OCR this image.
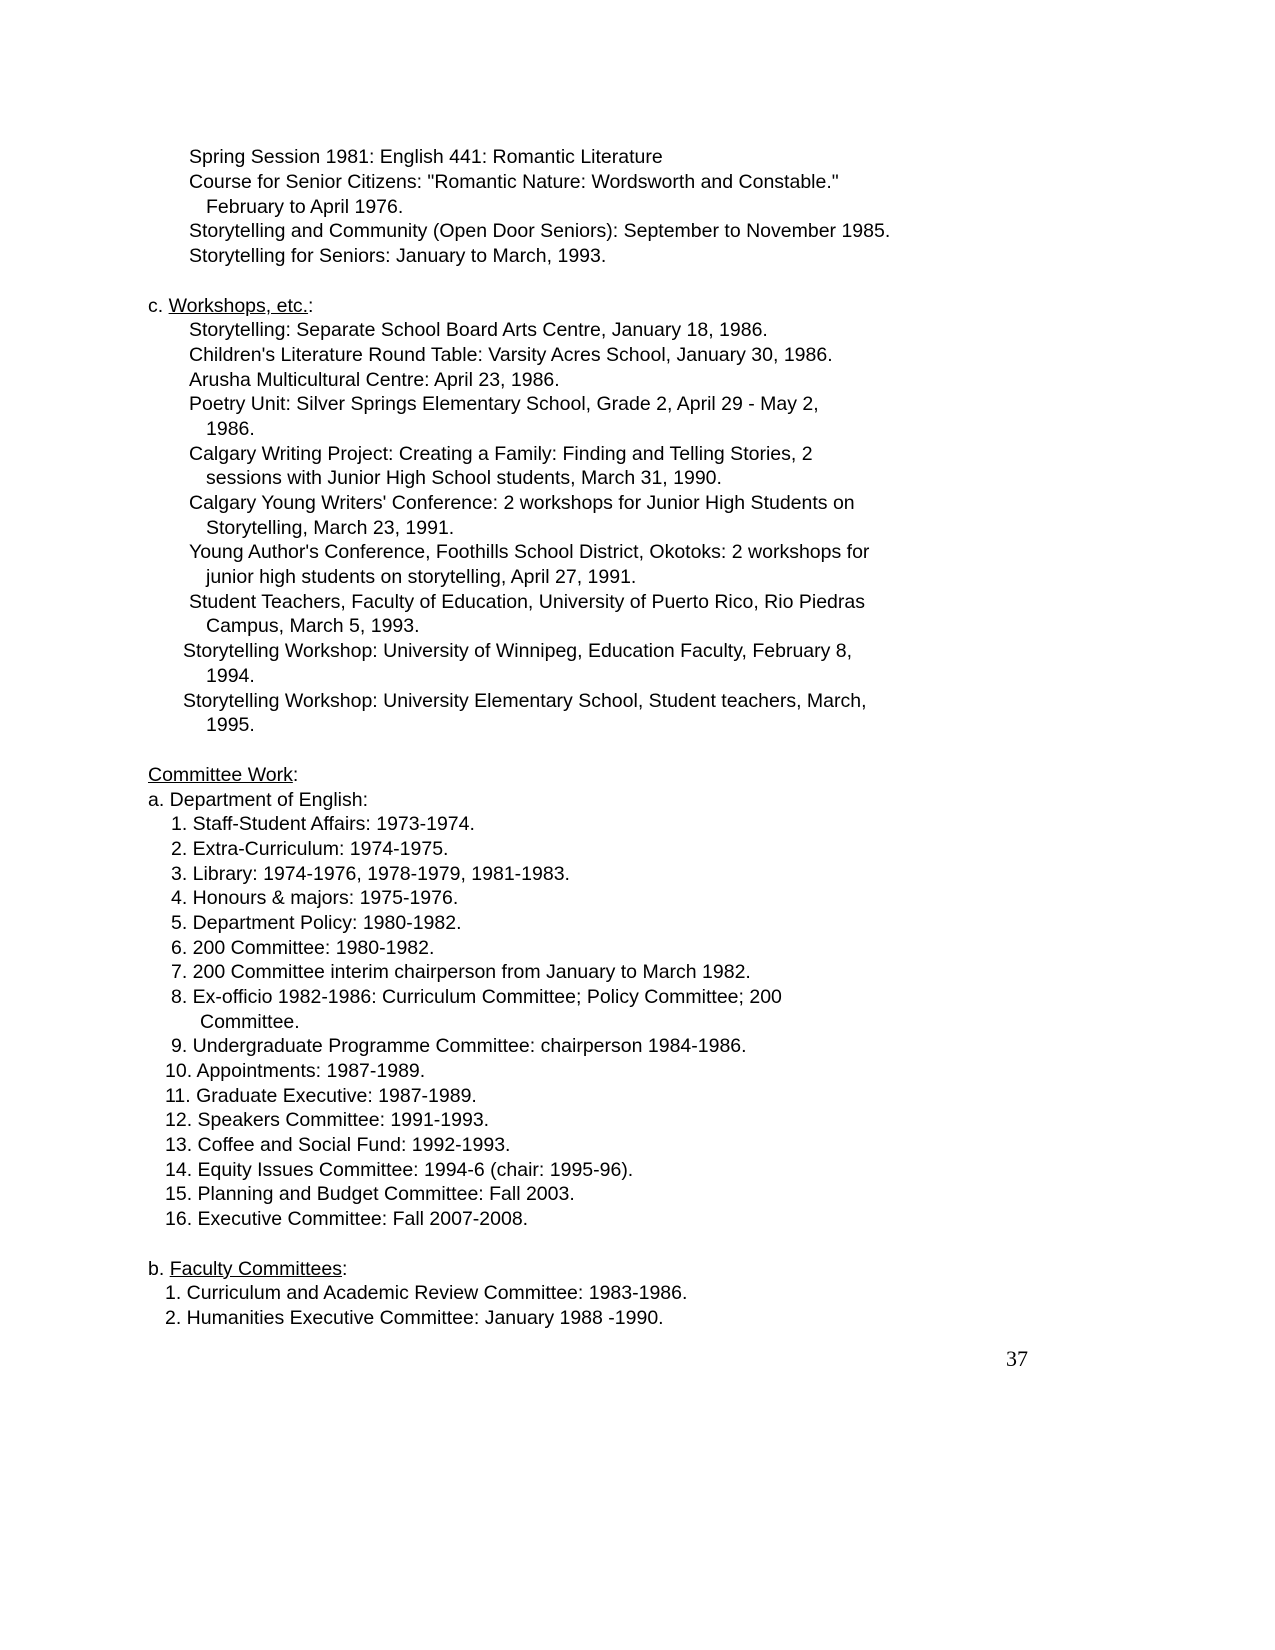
Spring Session 1981: English 441: Romantic Literature
Course for Senior Citizens: "Romantic Nature: Wordsworth and Constable."
February to April 1976.
Storytelling and Community (Open Door Seniors): September to November 1985.
Storytelling for Seniors: January to March, 1993.
c. Workshops, etc.:
Storytelling: Separate School Board Arts Centre, January 18, 1986.
Children's Literature Round Table: Varsity Acres School, January 30, 1986.
Arusha Multicultural Centre: April 23, 1986.
Poetry Unit: Silver Springs Elementary School, Grade 2, April 29 - May 2,
1986.
Calgary Writing Project: Creating a Family: Finding and Telling Stories, 2
sessions with Junior High School students, March 31, 1990.
Calgary Young Writers' Conference: 2 workshops for Junior High Students on
Storytelling, March 23, 1991.
Young Author's Conference, Foothills School District, Okotoks: 2 workshops for
junior high students on storytelling, April 27, 1991.
Student Teachers, Faculty of Education, University of Puerto Rico, Rio Piedras
Campus, March 5, 1993.
Storytelling Workshop: University of Winnipeg, Education Faculty, February 8,
1994.
Storytelling Workshop: University Elementary School, Student teachers, March,
1995.
Committee Work:
a. Department of English:
1. Staff-Student Affairs: 1973-1974.
2. Extra-Curriculum: 1974-1975.
3. Library: 1974-1976, 1978-1979, 1981-1983.
4. Honours & majors: 1975-1976.
5. Department Policy: 1980-1982.
6. 200 Committee: 1980-1982.
7. 200 Committee interim chairperson from January to March 1982.
8. Ex-officio 1982-1986: Curriculum Committee; Policy Committee; 200
Committee.
9. Undergraduate Programme Committee: chairperson 1984-1986.
10. Appointments: 1987-1989.
11. Graduate Executive: 1987-1989.
12. Speakers Committee: 1991-1993.
13. Coffee and Social Fund: 1992-1993.
14. Equity Issues Committee: 1994-6 (chair: 1995-96).
15. Planning and Budget Committee: Fall 2003.
16. Executive Committee: Fall 2007-2008.
b. Faculty Committees:
1. Curriculum and Academic Review Committee: 1983-1986.
2. Humanities Executive Committee: January 1988 -1990.
37
